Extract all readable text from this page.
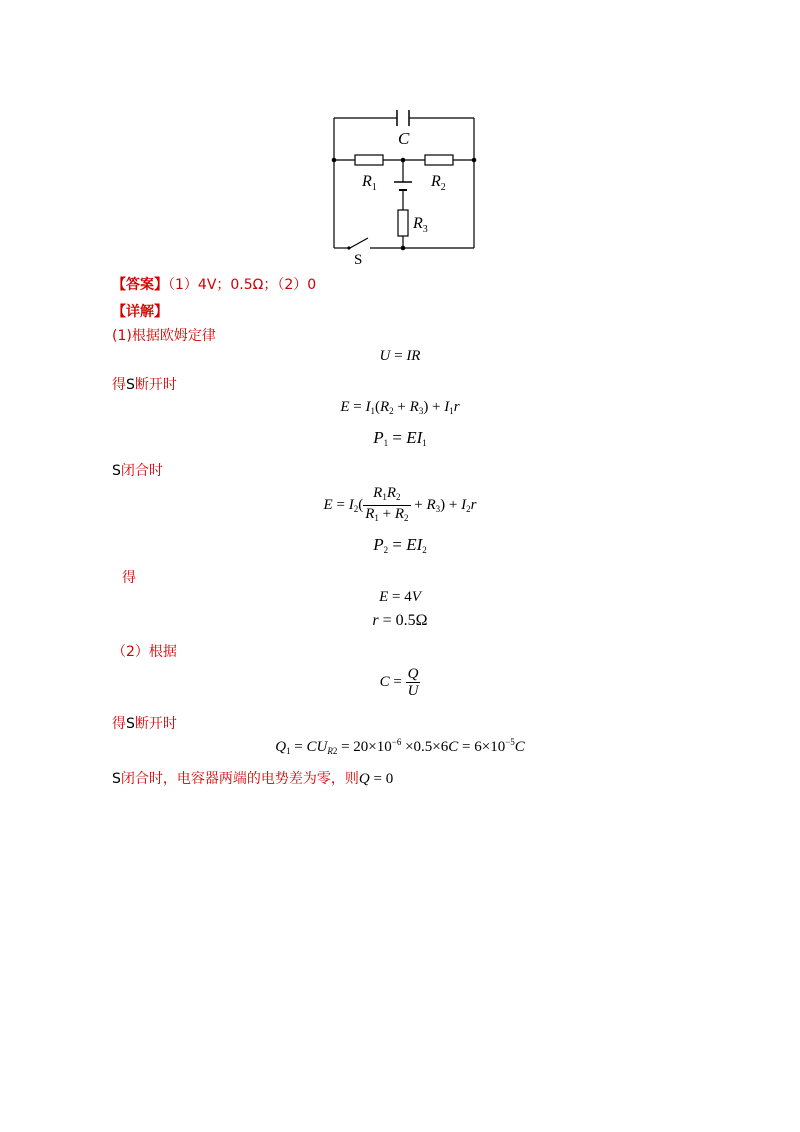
C
$R_1$	$R_2$
$R_3$
S
【答案】（1）4V；0.5Ω；（2）0
【详解】
(1)根据欧姆定律
U = IR
得S断开时
$E = I_1(R_2 + R_3) + I_1r$
$P_1 = EI_1$
S闭合时
$E = I_2( \frac{R_1R_2}{R_1 + R_2} + R_3) + I_2r$
$P_2 = EI_2$
得
E = 4V
r = 0.5Ω
（2）根据
$C = \frac{Q}{U}$
得S断开时
$Q_1 = CU_{R2} = 20\times 10^{-6} \times 0.5\times 6C = 6\times 10^{-5}C$
S闭合时，电容器两端的电势差为零，则Q = 0
